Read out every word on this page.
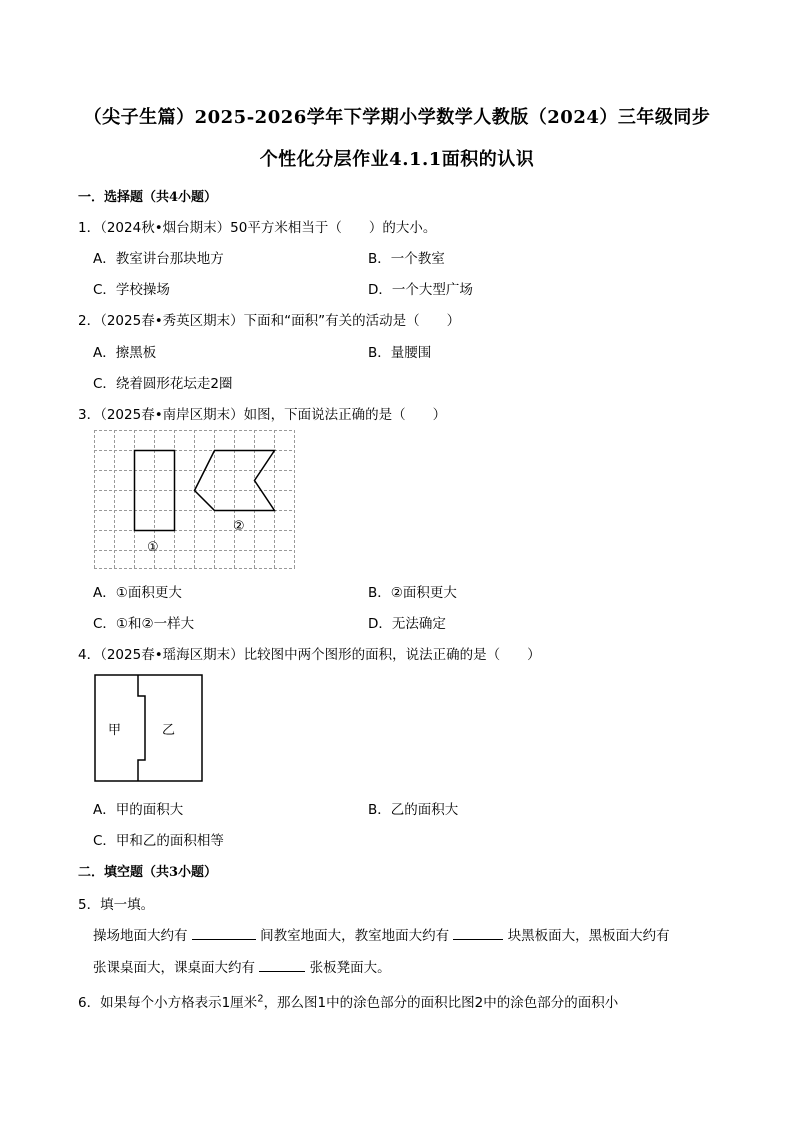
（尖子生篇）2025-2026学年下学期小学数学人教版（2024）三年级同步
个性化分层作业4.1.1面积的认识
一．选择题（共4小题）
1．（2024秋•烟台期末）50平方米相当于（　　）的大小。
A．教室讲台那块地方	B．一个教室
C．学校操场	D．一个大型广场
2．（2025春•秀英区期末）下面和“面积”有关的活动是（　　）
A．擦黑板	B．量腰围
C．绕着圆形花坛走2圈
3．（2025春•南岸区期末）如图，下面说法正确的是（　　）
①
②
A．①面积更大	B．②面积更大
C．①和②一样大	D．无法确定
4．（2025春•瑶海区期末）比较图中两个图形的面积，说法正确的是（　　）
甲	乙
A．甲的面积大	B．乙的面积大
C．甲和乙的面积相等
二．填空题（共3小题）
5．填一填。
操场地面大约有	间教室地面大，教室地面大约有	块黑板面大，黑板面大约有
张课桌面大，课桌面大约有	张板凳面大。
6．如果每个小方格表示1厘米$^2$，那么图1中的涂色部分的面积比图2中的涂色部分的面积小
